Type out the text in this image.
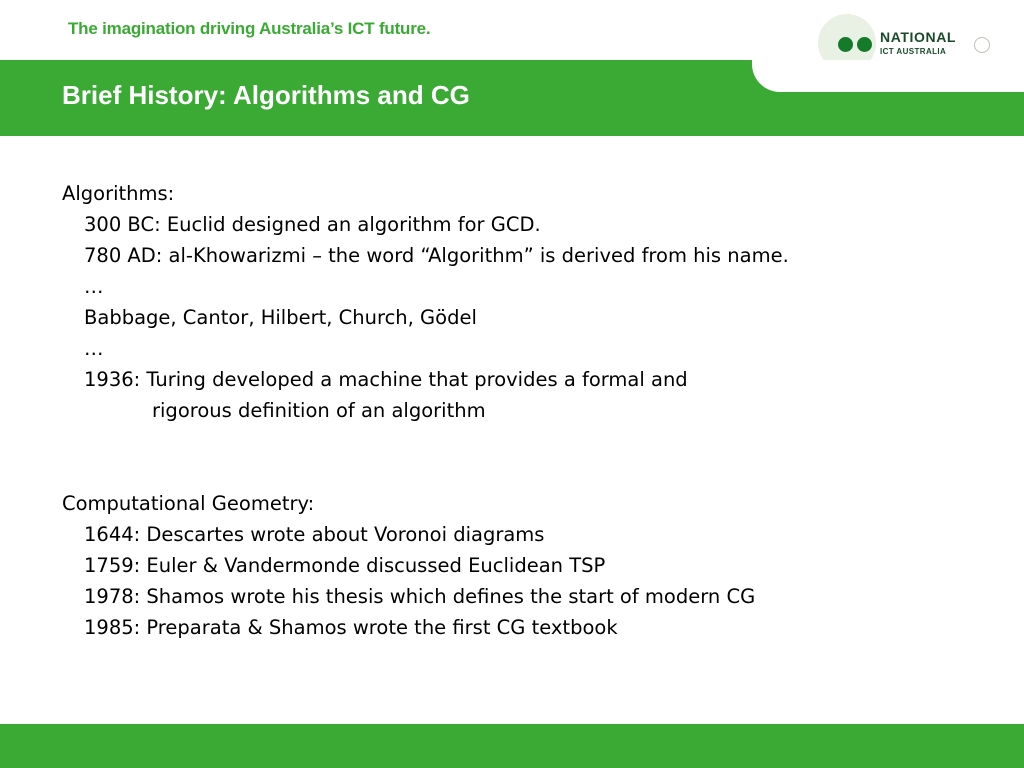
The imagination driving Australia’s ICT future.	NATIONAL
ICT AUSTRALIA
Brief History: Algorithms and CG
Algorithms:
300 BC: Euclid designed an algorithm for GCD.
780 AD: al-Khowarizmi – the word “Algorithm” is derived from his name.
…
Babbage, Cantor, Hilbert, Church, Gödel
…
1936: Turing developed a machine that provides a formal and
rigorous definition of an algorithm
Computational Geometry:
1644: Descartes wrote about Voronoi diagrams
1759: Euler & Vandermonde discussed Euclidean TSP
1978: Shamos wrote his thesis which defines the start of modern CG
1985: Preparata & Shamos wrote the first CG textbook
